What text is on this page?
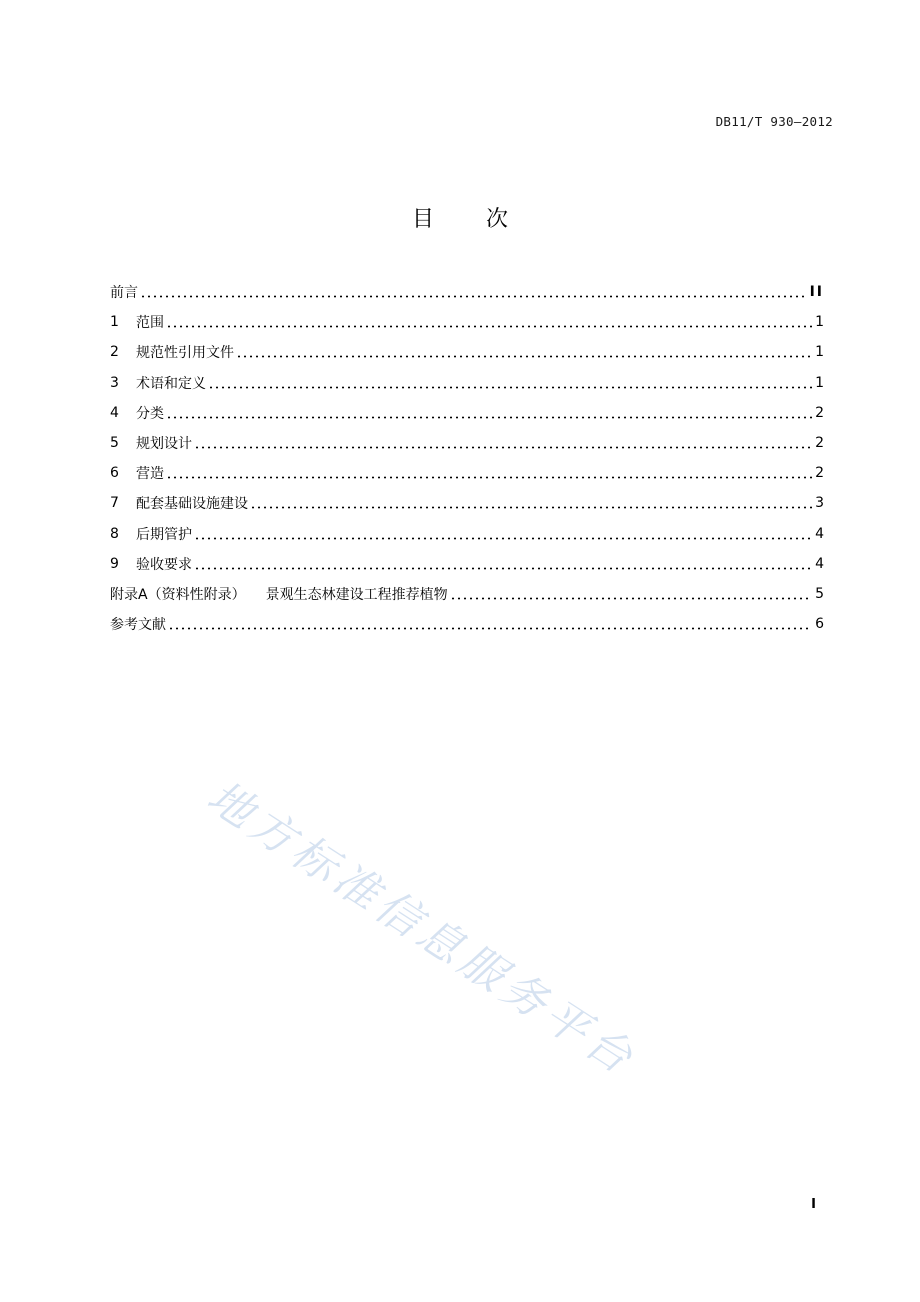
DB11/T 930—2012
目 次
前言	II
1	范围	1
2	规范性引用文件	1
3	术语和定义	1
4	分类	2
5	规划设计	2
6	营造	2
7	配套基础设施建设	3
8	后期管护	4
9	验收要求	4
附录A（资料性附录） 景观生态林建设工程推荐植物	5
参考文献	6
地方标准信息服务平台
I
